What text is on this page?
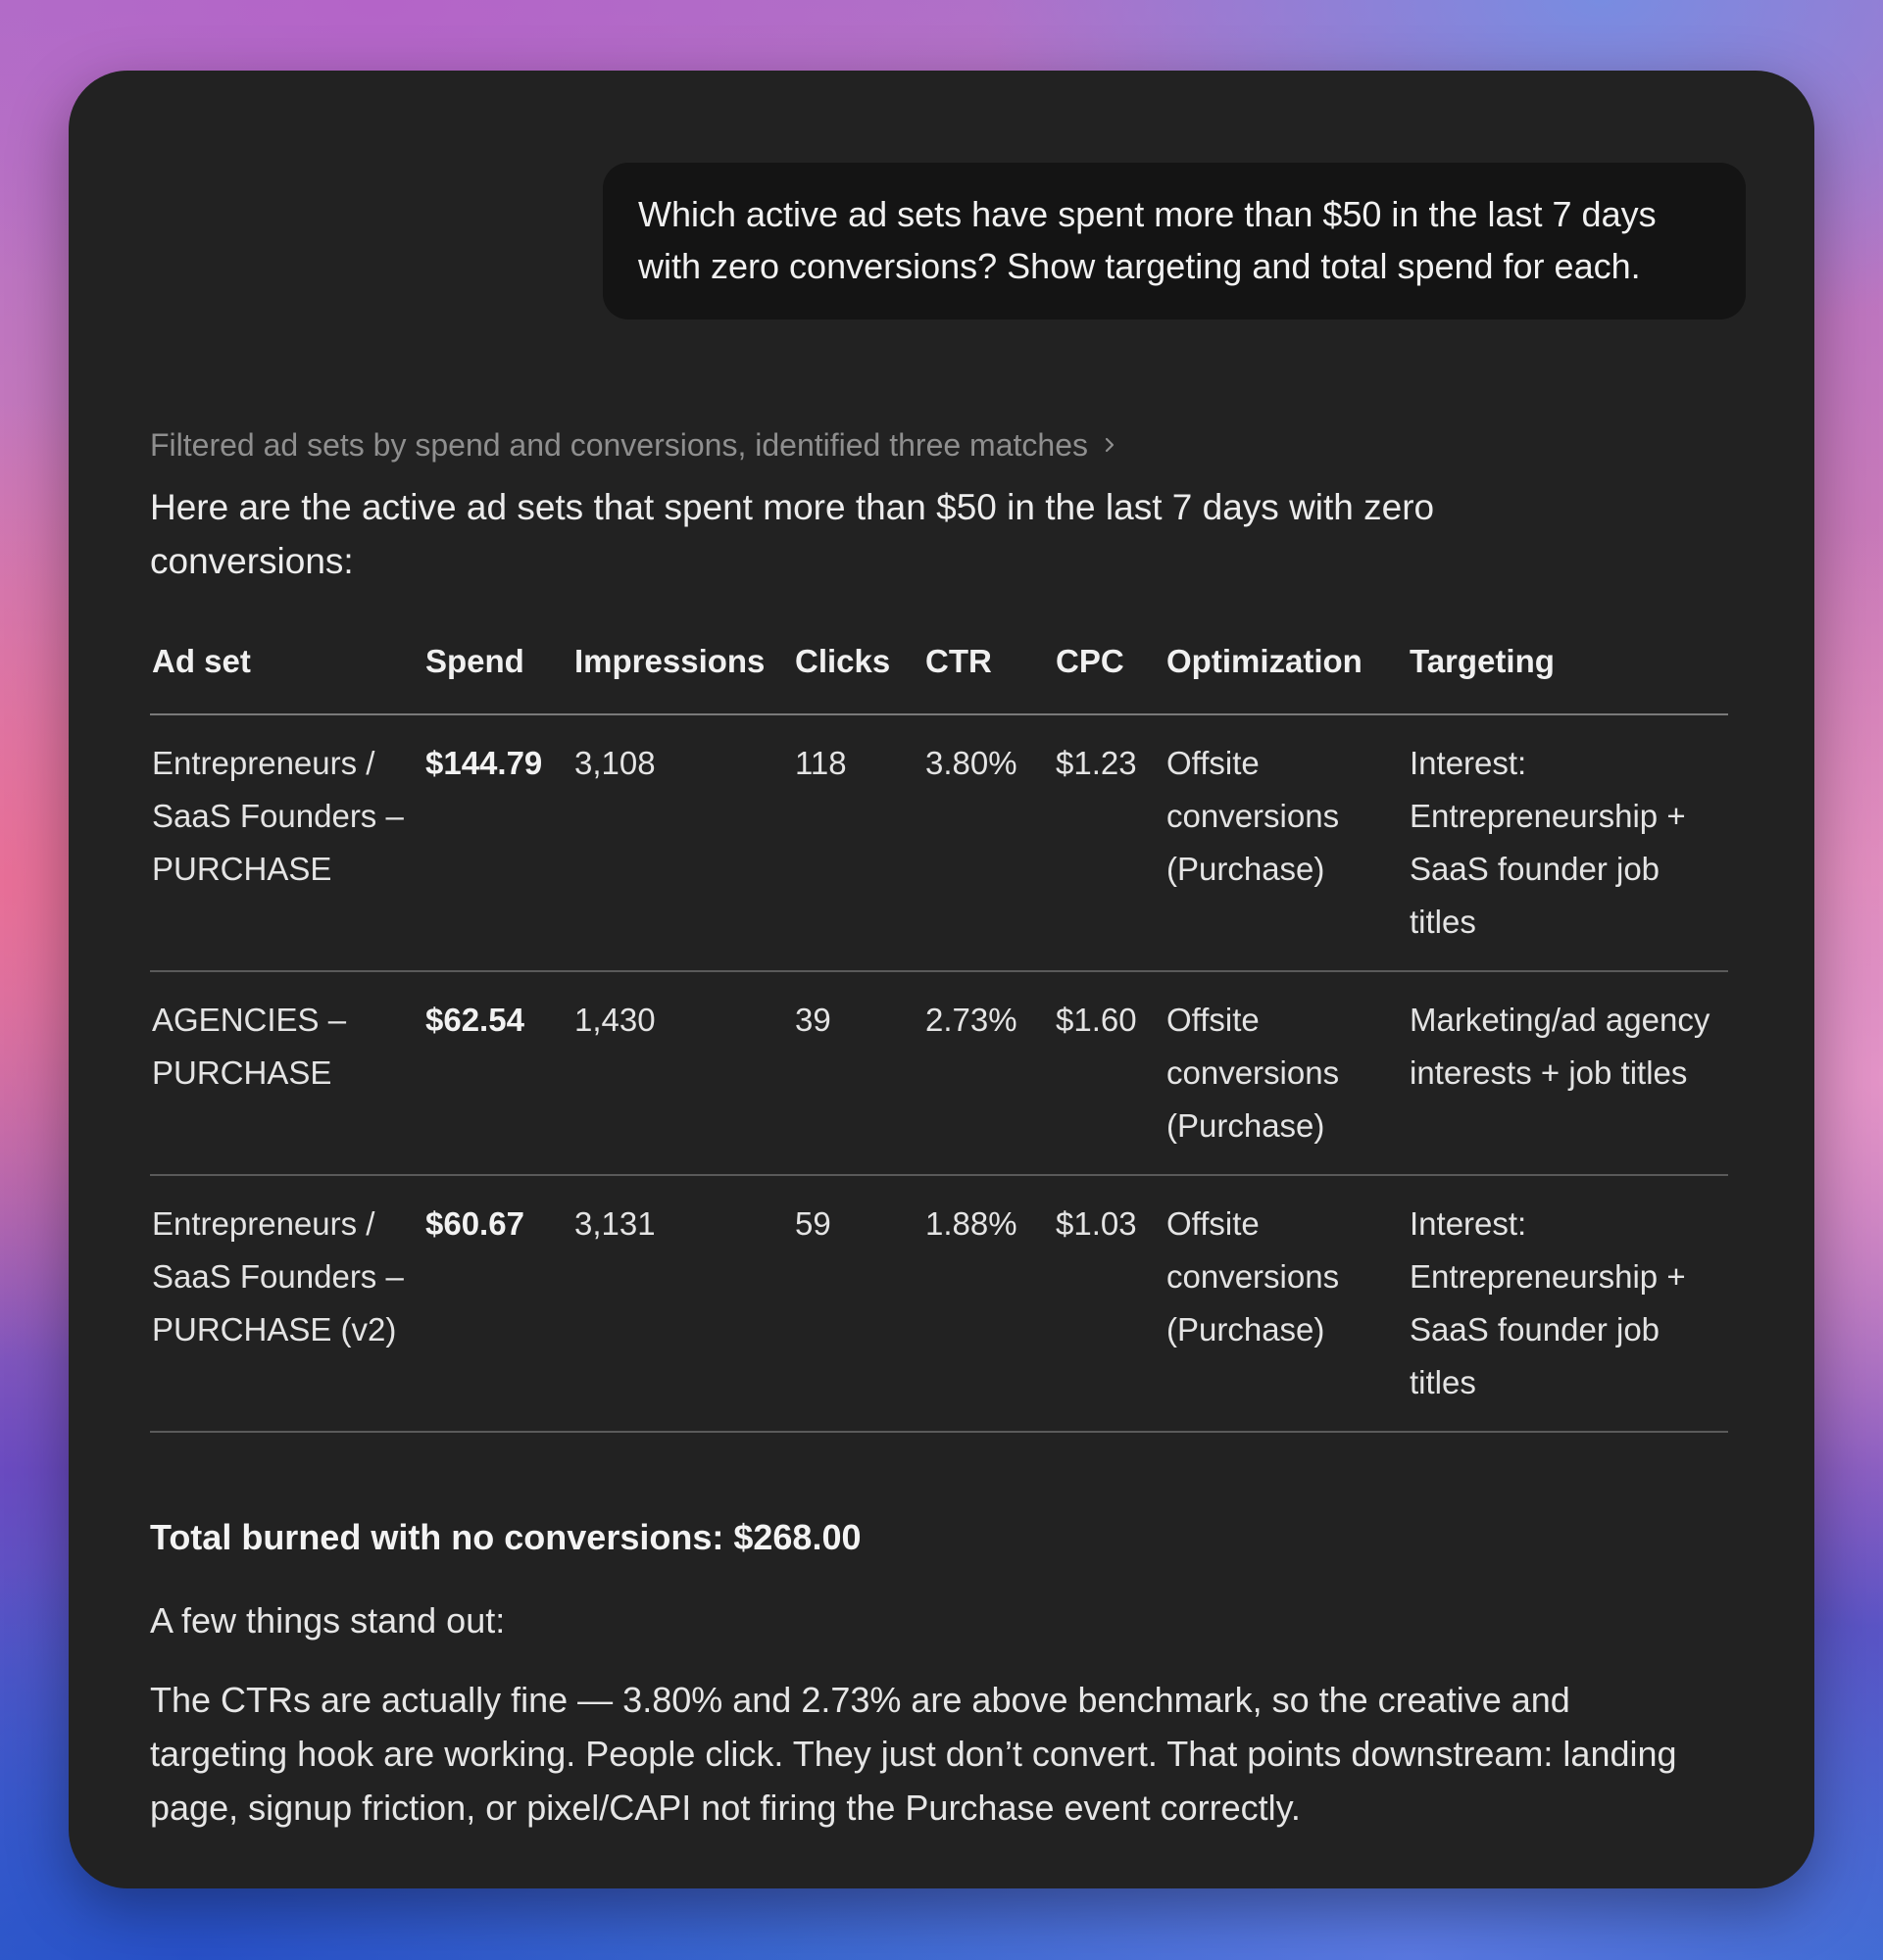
Which active ad sets have spent more than $50 in the last 7 days with zero conversions? Show targeting and total spend for each.
Filtered ad sets by spend and conversions, identified three matches
Here are the active ad sets that spent more than $50 in the last 7 days with zero conversions:
Ad set	Spend	Impressions	Clicks	CTR	CPC	Optimization	Targeting
Entrepreneurs / SaaS Founders – PURCHASE	$144.79	3,108	118	3.80%	$1.23	Offsite conversions (Purchase)	Interest: Entrepreneurship + SaaS founder job titles
AGENCIES – PURCHASE	$62.54	1,430	39	2.73%	$1.60	Offsite conversions (Purchase)	Marketing/ad agency interests + job titles
Entrepreneurs / SaaS Founders – PURCHASE (v2)	$60.67	3,131	59	1.88%	$1.03	Offsite conversions (Purchase)	Interest: Entrepreneurship + SaaS founder job titles
Total burned with no conversions: $268.00
A few things stand out:
The CTRs are actually fine — 3.80% and 2.73% are above benchmark, so the creative and targeting hook are working. People click. They just don’t convert. That points downstream: landing page, signup friction, or pixel/CAPI not firing the Purchase event correctly.
